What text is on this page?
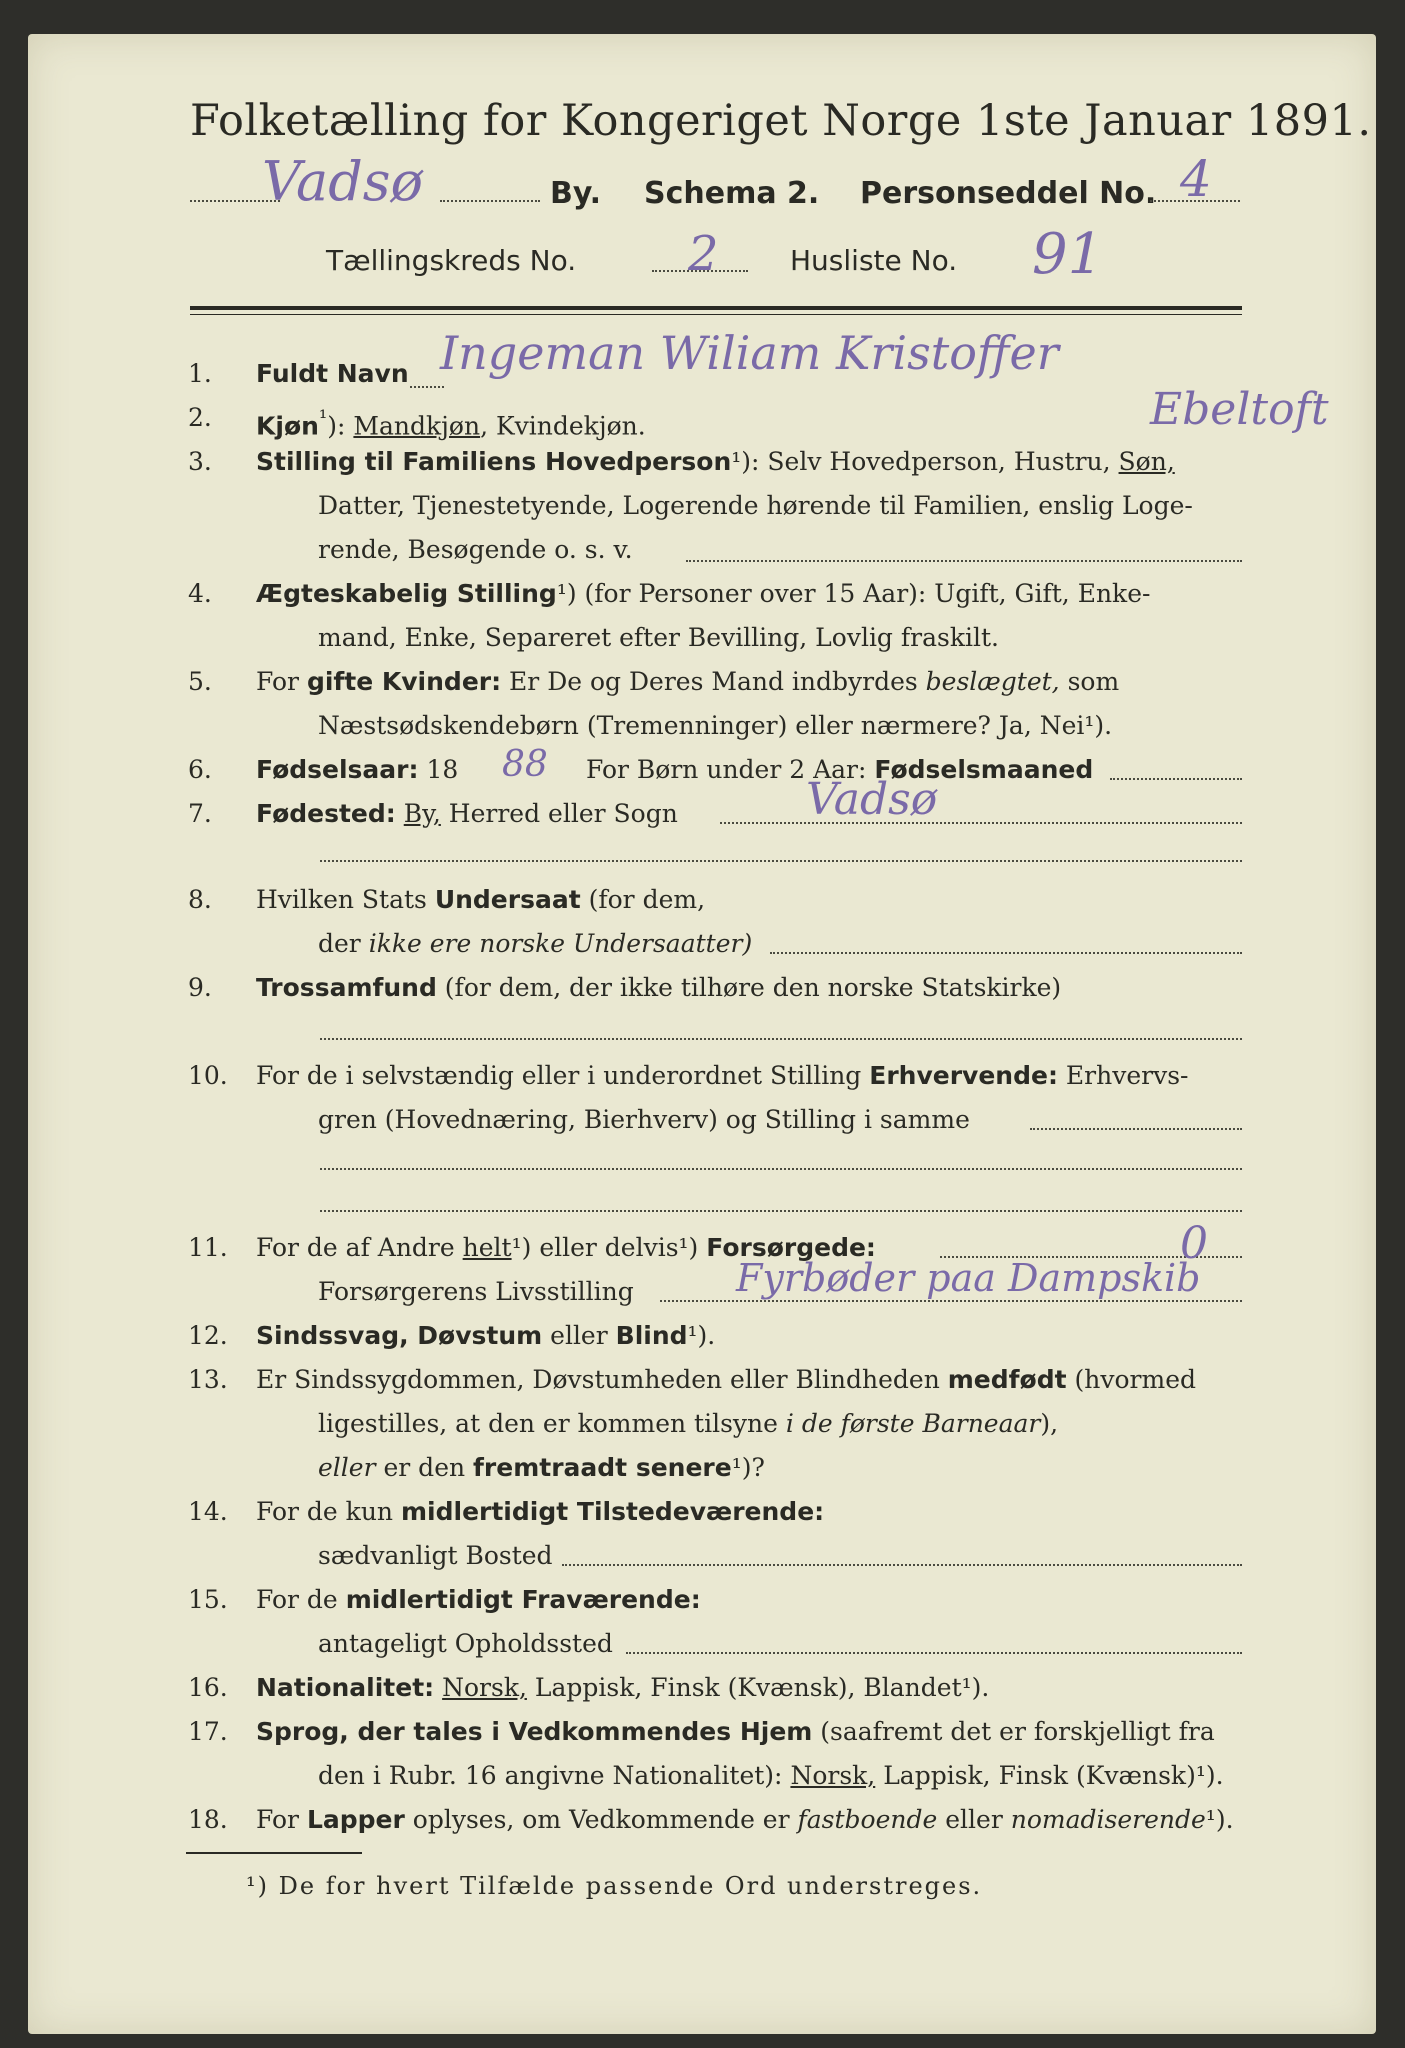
Folketælling for Kongeriget Norge 1ste Januar 1891.
Vadsø	By. Schema 2. Personseddel No. 4
Tællingskreds No. 2	Husliste No. 91
1.	Fuldt Navn Ingeman Wiliam Kristoffer
Ebeltoft
2.	Kjøn$^{^1}$): Mandkjøn, Kvindekjøn.
3.	Stilling til Familiens Hovedperson¹): Selv Hovedperson, Hustru, Søn,
Datter, Tjenestetyende, Logerende hørende til Familien, enslig Loge-
rende, Besøgende o. s. v.
4.	Ægteskabelig Stilling¹) (for Personer over 15 Aar): Ugift, Gift, Enke-
mand, Enke, Separeret efter Bevilling, Lovlig fraskilt.
5.	For gifte Kvinder: Er De og Deres Mand indbyrdes beslægtet, som
Næstsødskendebørn (Tremenninger) eller nærmere? Ja, Nei¹).
6.	Fødselsaar: 18 88 For Børn under 2 Aar: Fødselsmaaned
7.	Fødested: By, Herred eller Sogn	Vadsø
8.	Hvilken Stats Undersaat (for dem,
der ikke ere norske Undersaatter)
9.	Trossamfund (for dem, der ikke tilhøre den norske Statskirke)
10. For de i selvstændig eller i underordnet Stilling Erhvervende: Erhvervs-
gren (Hovednæring, Bierhverv) og Stilling i samme
11. For de af Andre helt¹) eller delvis¹) Forsørgede:	0
Forsørgerens Livsstilling	Fyrbøder paa Dampskib
12. Sindssvag, Døvstum eller Blind¹).
13. Er Sindssygdommen, Døvstumheden eller Blindheden medfødt (hvormed
ligestilles, at den er kommen tilsyne i de første Barneaar),
eller er den fremtraadt senere¹)?
14. For de kun midlertidigt Tilstedeværende:
sædvanligt Bosted
15. For de midlertidigt Fraværende:
antageligt Opholdssted
16. Nationalitet: Norsk, Lappisk, Finsk (Kvænsk), Blandet¹).
17. Sprog, der tales i Vedkommendes Hjem (saafremt det er forskjelligt fra
den i Rubr. 16 angivne Nationalitet): Norsk, Lappisk, Finsk (Kvænsk)¹).
18. For Lapper oplyses, om Vedkommende er fastboende eller nomadiserende¹).
¹) De for hvert Tilfælde passende Ord understreges.
